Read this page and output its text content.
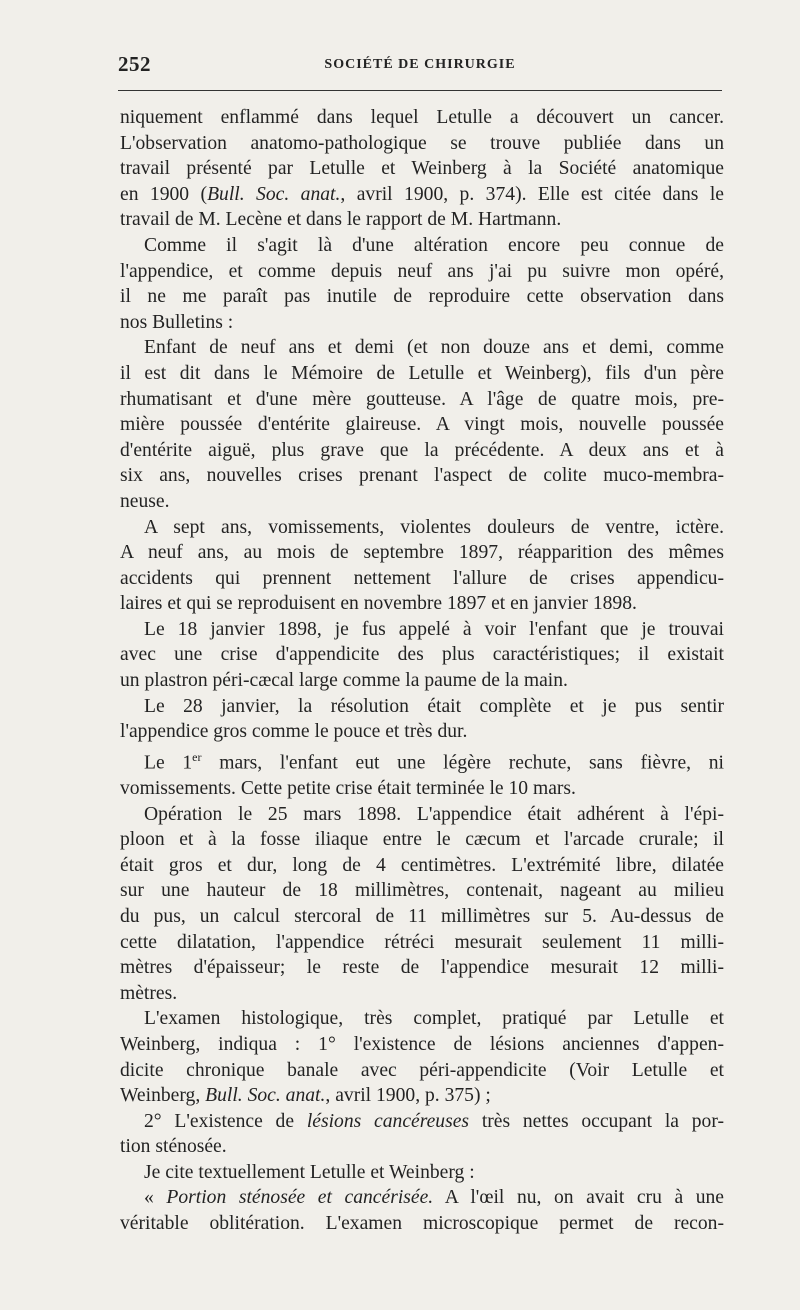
252	SOCIÉTÉ DE CHIRURGIE
niquement enflammé dans lequel Letulle a découvert un cancer.
L'observation anatomo-pathologique se trouve publiée dans un
travail présenté par Letulle et Weinberg à la Société anatomique
en 1900 (Bull. Soc. anat., avril 1900, p. 374). Elle est citée dans le
travail de M. Lecène et dans le rapport de M. Hartmann.
Comme il s'agit là d'une altération encore peu connue de
l'appendice, et comme depuis neuf ans j'ai pu suivre mon opéré,
il ne me paraît pas inutile de reproduire cette observation dans
nos Bulletins :
Enfant de neuf ans et demi (et non douze ans et demi, comme
il est dit dans le Mémoire de Letulle et Weinberg), fils d'un père
rhumatisant et d'une mère goutteuse. A l'âge de quatre mois, pre-
mière poussée d'entérite glaireuse. A vingt mois, nouvelle poussée
d'entérite aiguë, plus grave que la précédente. A deux ans et à
six ans, nouvelles crises prenant l'aspect de colite muco-membra-
neuse.
A sept ans, vomissements, violentes douleurs de ventre, ictère.
A neuf ans, au mois de septembre 1897, réapparition des mêmes
accidents qui prennent nettement l'allure de crises appendicu-
laires et qui se reproduisent en novembre 1897 et en janvier 1898.
Le 18 janvier 1898, je fus appelé à voir l'enfant que je trouvai
avec une crise d'appendicite des plus caractéristiques; il existait
un plastron péri-cæcal large comme la paume de la main.
Le 28 janvier, la résolution était complète et je pus sentir
l'appendice gros comme le pouce et très dur.
Le 1er mars, l'enfant eut une légère rechute, sans fièvre, ni
vomissements. Cette petite crise était terminée le 10 mars.
Opération le 25 mars 1898. L'appendice était adhérent à l'épi-
ploon et à la fosse iliaque entre le cæcum et l'arcade crurale; il
était gros et dur, long de 4 centimètres. L'extrémité libre, dilatée
sur une hauteur de 18 millimètres, contenait, nageant au milieu
du pus, un calcul stercoral de 11 millimètres sur 5. Au-dessus de
cette dilatation, l'appendice rétréci mesurait seulement 11 milli-
mètres d'épaisseur; le reste de l'appendice mesurait 12 milli-
mètres.
L'examen histologique, très complet, pratiqué par Letulle et
Weinberg, indiqua : 1° l'existence de lésions anciennes d'appen-
dicite chronique banale avec péri-appendicite (Voir Letulle et
Weinberg, Bull. Soc. anat., avril 1900, p. 375) ;
2° L'existence de lésions cancéreuses très nettes occupant la por-
tion sténosée.
Je cite textuellement Letulle et Weinberg :
« Portion sténosée et cancérisée. A l'œil nu, on avait cru à une
véritable oblitération. L'examen microscopique permet de recon-
